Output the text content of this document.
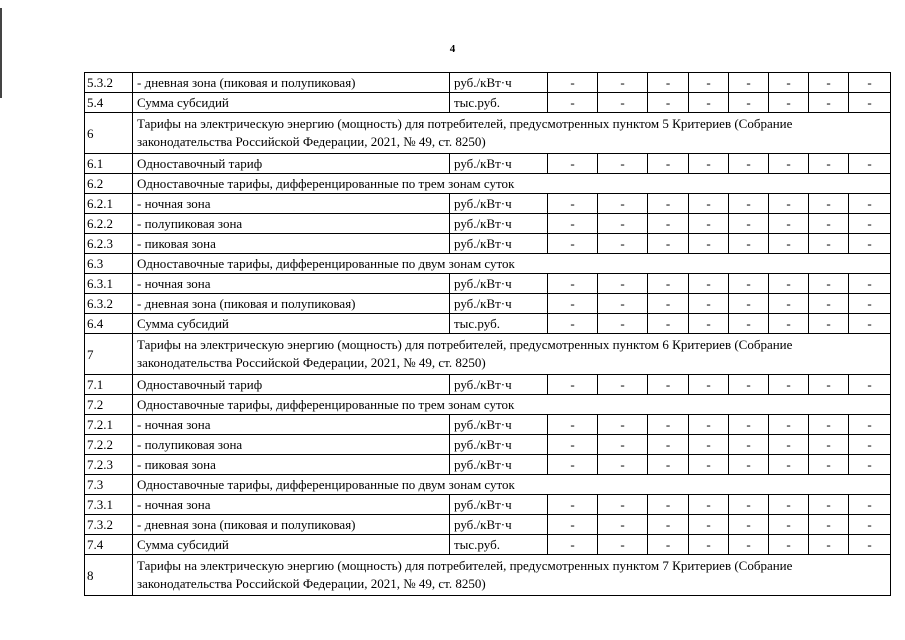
4
5.3.2	- дневная зона (пиковая и полупиковая)	руб./кВт·ч	-	-	-	-	-	-	-	-
5.4	Сумма субсидий	тыс.руб.	-	-	-	-	-	-	-	-
6	Тарифы на электрическую энергию (мощность) для потребителей, предусмотренных пунктом 5 Критериев (Собрание законодательства Российской Федерации, 2021, № 49, ст. 8250)									
6.1	Одноставочный тариф	руб./кВт·ч	-	-	-	-	-	-	-	-
6.2	Одноставочные тарифы, дифференцированные по трем зонам суток									
6.2.1	- ночная зона	руб./кВт·ч	-	-	-	-	-	-	-	-
6.2.2	- полупиковая зона	руб./кВт·ч	-	-	-	-	-	-	-	-
6.2.3	- пиковая зона	руб./кВт·ч	-	-	-	-	-	-	-	-
6.3	Одноставочные тарифы, дифференцированные по двум зонам суток									
6.3.1	- ночная зона	руб./кВт·ч	-	-	-	-	-	-	-	-
6.3.2	- дневная зона (пиковая и полупиковая)	руб./кВт·ч	-	-	-	-	-	-	-	-
6.4	Сумма субсидий	тыс.руб.	-	-	-	-	-	-	-	-
7	Тарифы на электрическую энергию (мощность) для потребителей, предусмотренных пунктом 6 Критериев (Собрание законодательства Российской Федерации, 2021, № 49, ст. 8250)									
7.1	Одноставочный тариф	руб./кВт·ч	-	-	-	-	-	-	-	-
7.2	Одноставочные тарифы, дифференцированные по трем зонам суток									
7.2.1	- ночная зона	руб./кВт·ч	-	-	-	-	-	-	-	-
7.2.2	- полупиковая зона	руб./кВт·ч	-	-	-	-	-	-	-	-
7.2.3	- пиковая зона	руб./кВт·ч	-	-	-	-	-	-	-	-
7.3	Одноставочные тарифы, дифференцированные по двум зонам суток									
7.3.1	- ночная зона	руб./кВт·ч	-	-	-	-	-	-	-	-
7.3.2	- дневная зона (пиковая и полупиковая)	руб./кВт·ч	-	-	-	-	-	-	-	-
7.4	Сумма субсидий	тыс.руб.	-	-	-	-	-	-	-	-
8	Тарифы на электрическую энергию (мощность) для потребителей, предусмотренных пунктом 7 Критериев (Собрание законодательства Российской Федерации, 2021, № 49, ст. 8250)									
